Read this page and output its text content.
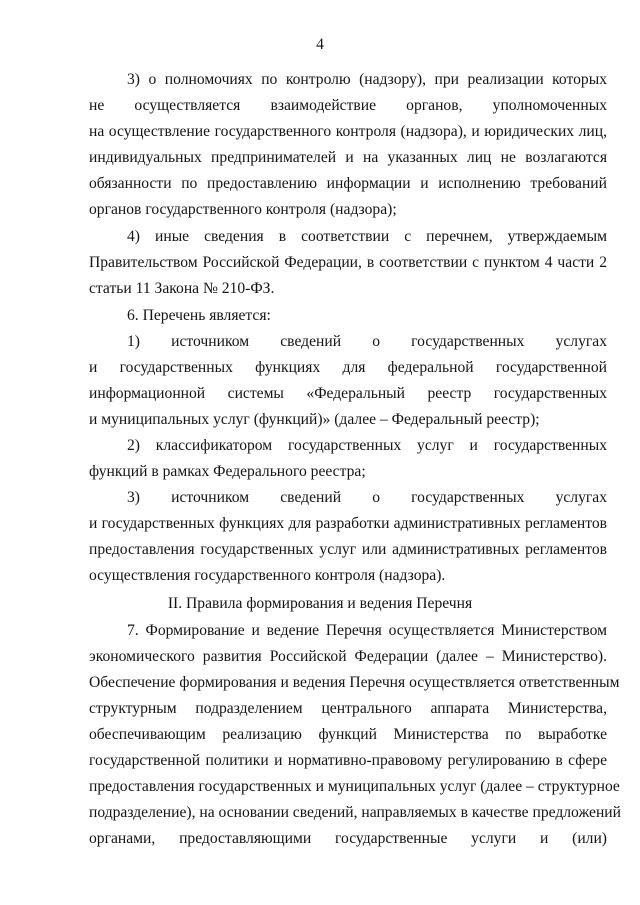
4
3) о полномочиях по контролю (надзору), при реализации которых
не осуществляется взаимодействие органов, уполномоченных
на осуществление государственного контроля (надзора), и юридических лиц,
индивидуальных предпринимателей и на указанных лиц не возлагаются
обязанности по предоставлению информации и исполнению требований
органов государственного контроля (надзора);
4) иные сведения в соответствии с перечнем, утверждаемым
Правительством Российской Федерации, в соответствии с пунктом 4 части 2
статьи 11 Закона № 210-ФЗ.
6. Перечень является:
1) источником сведений о государственных услугах
и государственных функциях для федеральной государственной
информационной системы «Федеральный реестр государственных
и муниципальных услуг (функций)» (далее – Федеральный реестр);
2) классификатором государственных услуг и государственных
функций в рамках Федерального реестра;
3) источником сведений о государственных услугах
и государственных функциях для разработки административных регламентов
предоставления государственных услуг или административных регламентов
осуществления государственного контроля (надзора).
II. Правила формирования и ведения Перечня
7. Формирование и ведение Перечня осуществляется Министерством
экономического развития Российской Федерации (далее – Министерство).
Обеспечение формирования и ведения Перечня осуществляется ответственным
структурным подразделением центрального аппарата Министерства,
обеспечивающим реализацию функций Министерства по выработке
государственной политики и нормативно-правовому регулированию в сфере
предоставления государственных и муниципальных услуг (далее – структурное
подразделение), на основании сведений, направляемых в качестве предложений
органами, предоставляющими государственные услуги и (или)
